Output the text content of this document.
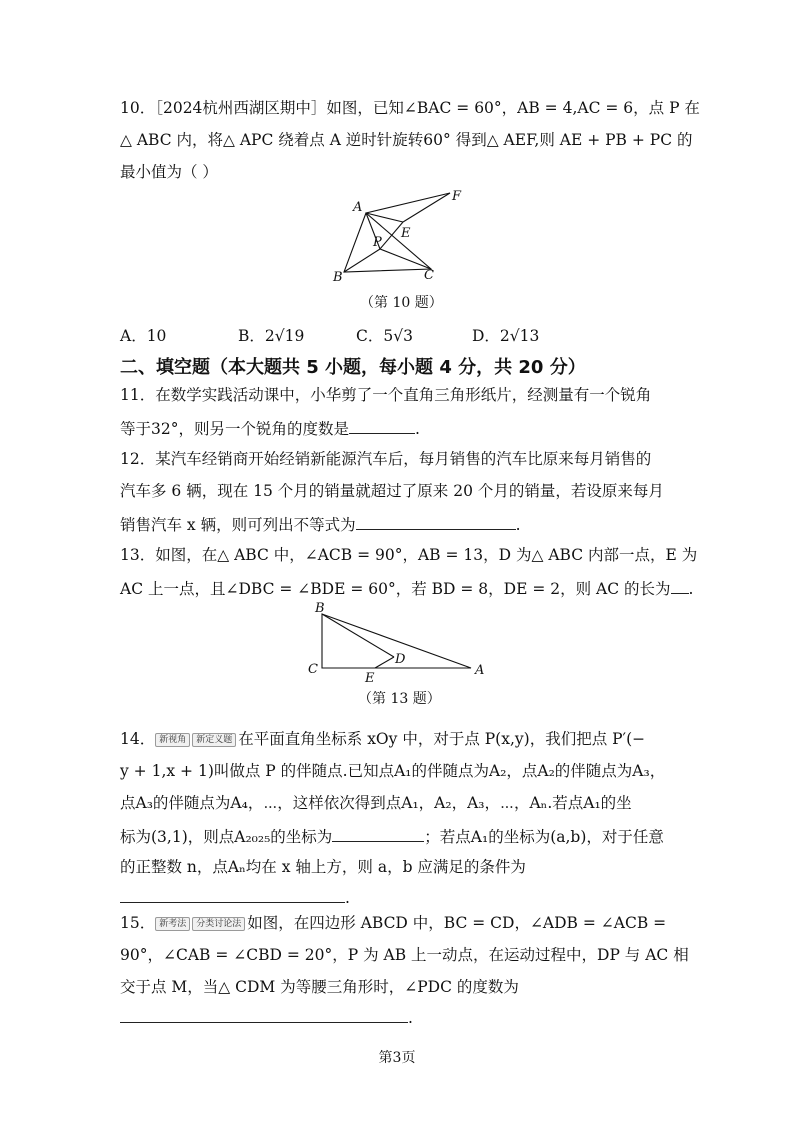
10．［2024杭州西湖区期中］如图，已知∠BAC = 60°，AB = 4,AC = 6，点 P 在
△ ABC 内，将△ APC 绕着点 A 逆时针旋转60° 得到△ AEF,则 AE + PB + PC 的
最小值为（ ）
A
B	C
E
F
P
（第 10 题）
A．10	B．2√19	C．5√3	D．2√13
二、填空题（本大题共 5 小题，每小题 4 分，共 20 分）
11．在数学实践活动课中，小华剪了一个直角三角形纸片，经测量有一个锐角
等于32°，则另一个锐角的度数是	.
12．某汽车经销商开始经销新能源汽车后，每月销售的汽车比原来每月销售的
汽车多 6 辆，现在 15 个月的销量就超过了原来 20 个月的销量，若设原来每月
销售汽车 x 辆，则可列出不等式为	.
13．如图，在△ ABC 中，∠ACB = 90°，AB = 13，D 为△ ABC 内部一点，E 为
AC 上一点，且∠DBC = ∠BDE = 60°，若 BD = 8，DE = 2，则 AC 的长为 .
B
C	A
D
E
（第 13 题）
14． 新视角 新定义题 在平面直角坐标系 xOy 中，对于点 P(x,y)，我们把点 P′(−
y + 1,x + 1)叫做点 P 的伴随点.已知点A₁的伴随点为A₂，点A₂的伴随点为A₃，
点A₃的伴随点为A₄，⋯，这样依次得到点A₁，A₂，A₃，⋯，Aₙ.若点A₁的坐
标为(3,1)，则点A₂₀₂₅的坐标为	；若点A₁的坐标为(a,b)，对于任意
的正整数 n，点Aₙ均在 x 轴上方，则 a，b 应满足的条件为
.
15． 新考法 分类讨论法 如图，在四边形 ABCD 中，BC = CD，∠ADB = ∠ACB =
90°，∠CAB = ∠CBD = 20°，P 为 AB 上一动点，在运动过程中，DP 与 AC 相
交于点 M，当△ CDM 为等腰三角形时，∠PDC 的度数为
.
第3页
